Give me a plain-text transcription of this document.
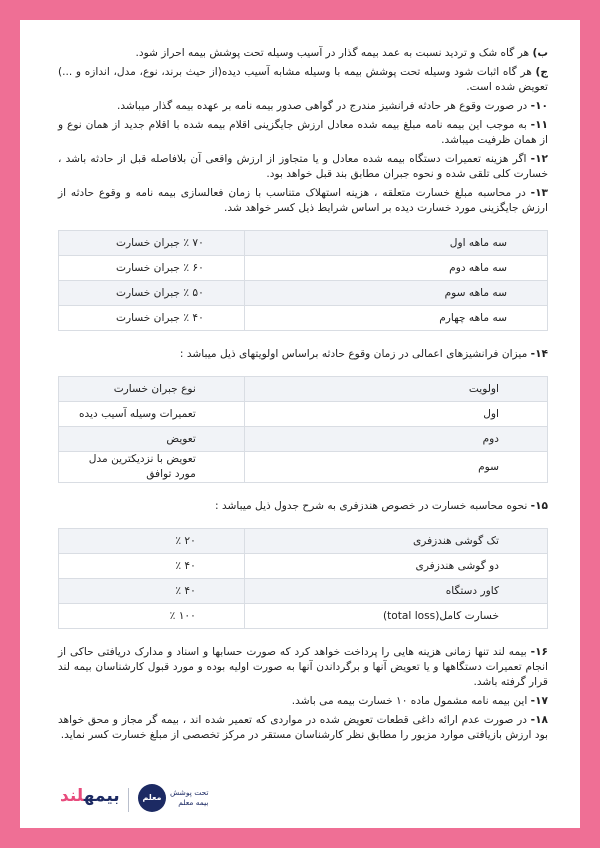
ب) هر گاه شک و تردید نسبت به عمد بیمه گذار در آسیب وسیله تحت پوشش بیمه احراز شود.

ج) هر گاه اثبات شود وسیله تحت پوشش بیمه با وسیله مشابه آسیب دیده(از حیث برند، نوع، مدل، اندازه و ...) تعویض شده است.

۱۰- در صورت وقوع هر حادثه فرانشیز مندرج در گواهی صدور بیمه نامه بر عهده بیمه گذار میباشد.

۱۱- به موجب این بیمه نامه مبلغ بیمه شده معادل ارزش جایگزینی اقلام بیمه شده با اقلام جدید از همان نوع و از همان ظرفیت میباشد.

۱۲- اگر هزینه تعمیرات دستگاه بیمه شده معادل و یا متجاوز از ارزش واقعی آن بلافاصله قبل از حادثه باشد ، خسارت کلی تلقی شده و نحوه جبران مطابق بند قبل خواهد بود.

۱۳- در محاسبه مبلغ خسارت متعلقه ، هزینه استهلاک متناسب با زمان فعالسازی بیمه نامه و وقوع حادثه از ارزش جایگزینی مورد خسارت دیده بر اساس شرایط ذیل کسر خواهد شد.

سه ماهه اول	۷۰ ٪ جبران خسارت
سه ماهه دوم	۶۰ ٪ جبران خسارت
سه ماهه سوم	۵۰ ٪ جبران خسارت
سه ماهه چهارم	۴۰ ٪ جبران خسارت

۱۴- میزان فرانشیزهای اعمالی در زمان وقوع حادثه براساس اولویتهای ذیل میباشد :

اولویت	نوع جبران خسارت
اول	تعمیرات وسیله آسیب دیده
دوم	تعویض
سوم	تعویض با نزدیکترین مدل مورد توافق

۱۵- نحوه محاسبه خسارت در خصوص هندزفری به شرح جدول ذیل میباشد :

تک گوشی هندزفری	۲۰ ٪
دو گوشی هندزفری	۴۰ ٪
کاور دستگاه	۴۰ ٪
خسارت کامل(total loss)	۱۰۰ ٪

۱۶- بیمه لند تنها زمانی هزینه هایی را پرداخت خواهد کرد که صورت حسابها و اسناد و مدارک دریافتی حاکی از انجام تعمیرات دستگاهها و یا تعویض آنها و برگرداندن آنها به صورت اولیه بوده و مورد قبول کارشناسان بیمه لند قرار گرفته باشد.

۱۷- این بیمه نامه مشمول ماده ۱۰ خسارت بیمه می باشد.

۱۸- در صورت عدم ارائه داغی قطعات تعویض شده در مواردی که تعمیر شده اند ، بیمه گر مجاز و محق خواهد بود ارزش بازیافتی موارد مزبور را مطابق نظر کارشناسان مستقر در مرکز تخصصی از مبلغ خسارت کسر نماید.

بیمهلند	معلم
تحت پوشش
بیمه معلم
